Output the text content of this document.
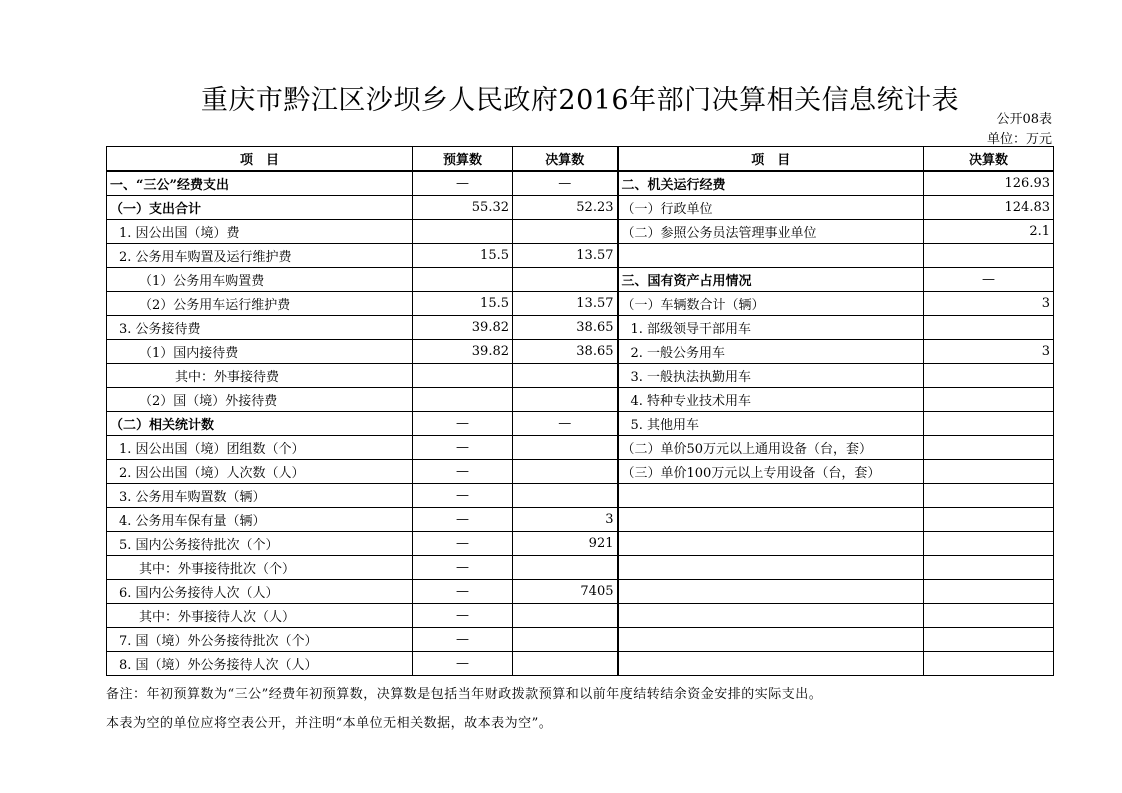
重庆市黔江区沙坝乡人民政府2016年部门决算相关信息统计表
公开08表
单位：万元
项　目	预算数	决算数	项　目	决算数
一、“三公”经费支出	—	—	二、机关运行经费	126.93
（一）支出合计	55.32	52.23	（一）行政单位	124.83
1. 因公出国（境）费			（二）参照公务员法管理事业单位	2.1
2. 公务用车购置及运行维护费	15.5	13.57		
（1）公务用车购置费			三、国有资产占用情况	—
（2）公务用车运行维护费	15.5	13.57	（一）车辆数合计（辆）	3
3. 公务接待费	39.82	38.65	1. 部级领导干部用车	
（1）国内接待费	39.82	38.65	2. 一般公务用车	3
其中：外事接待费			3. 一般执法执勤用车	
（2）国（境）外接待费			4. 特种专业技术用车	
（二）相关统计数	—	—	5. 其他用车	
1. 因公出国（境）团组数（个）	—		（二）单价50万元以上通用设备（台，套）	
2. 因公出国（境）人次数（人）	—		（三）单价100万元以上专用设备（台，套）	
3. 公务用车购置数（辆）	—			
4. 公务用车保有量（辆）	—	3		
5. 国内公务接待批次（个）	—	921		
其中：外事接待批次（个）	—			
6. 国内公务接待人次（人）	—	7405		
其中：外事接待人次（人）	—			
7. 国（境）外公务接待批次（个）	—			
8. 国（境）外公务接待人次（人）	—			
备注：年初预算数为“三公”经费年初预算数，决算数是包括当年财政拨款预算和以前年度结转结余资金安排的实际支出。
本表为空的单位应将空表公开，并注明“本单位无相关数据，故本表为空”。
